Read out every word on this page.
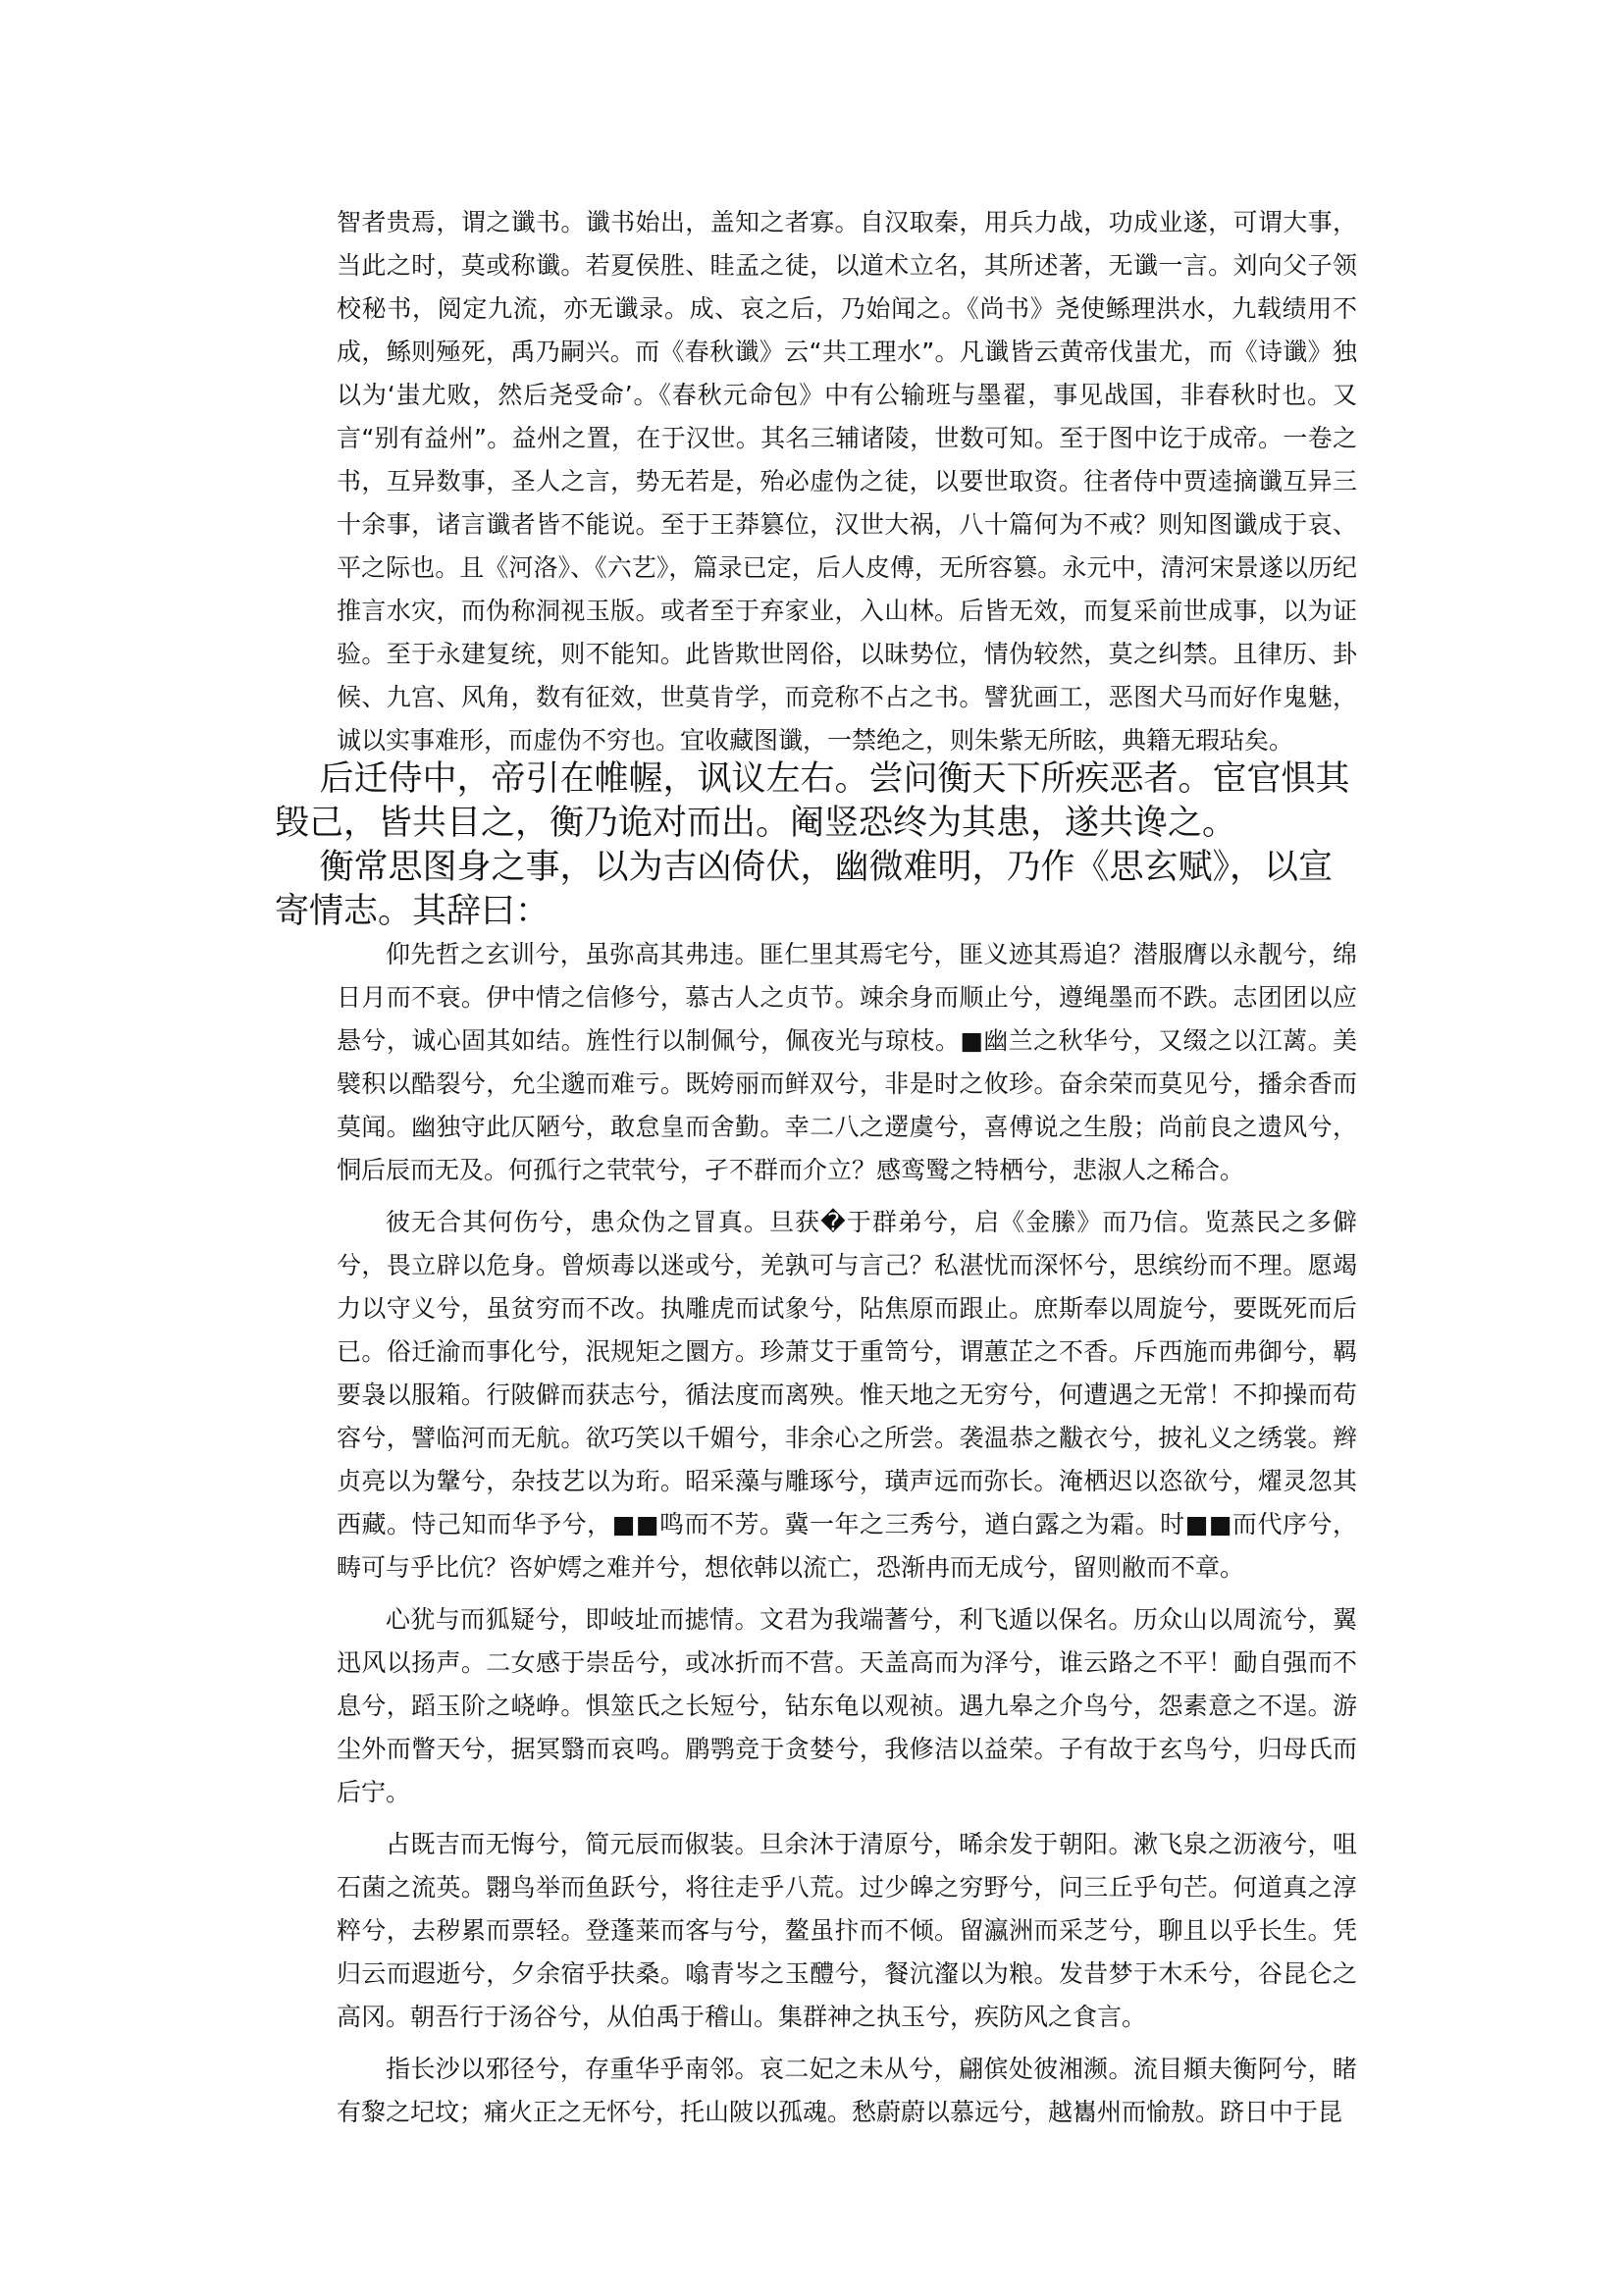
智者贵焉，谓之谶书。谶书始出，盖知之者寡。自汉取秦，用兵力战，功成业遂，可谓大事，当此之时，莫或称谶。若夏侯胜、眭孟之徒，以道术立名，其所述著，无谶一言。刘向父子领校秘书，阅定九流，亦无谶录。成、哀之后，乃始闻之。《尚书》尧使鲧理洪水，九载绩用不成，鲧则殛死，禹乃嗣兴。而《春秋谶》云“共工理水”。凡谶皆云黄帝伐蚩尤，而《诗谶》独以为‘蚩尤败，然后尧受命’。《春秋元命包》中有公输班与墨翟，事见战国，非春秋时也。又言“别有益州”。益州之置，在于汉世。其名三辅诸陵，世数可知。至于图中讫于成帝。一卷之书，互异数事，圣人之言，势无若是，殆必虚伪之徒，以要世取资。往者侍中贾逵摘谶互异三十余事，诸言谶者皆不能说。至于王莽篡位，汉世大祸，八十篇何为不戒？则知图谶成于哀、平之际也。且《河洛》、《六艺》，篇录已定，后人皮傅，无所容篡。永元中，清河宋景遂以历纪推言水灾，而伪称洞视玉版。或者至于弃家业，入山林。后皆无效，而复采前世成事，以为证验。至于永建复统，则不能知。此皆欺世罔俗，以昧势位，情伪较然，莫之纠禁。且律历、卦候、九宫、风角，数有征效，世莫肯学，而竞称不占之书。譬犹画工，恶图犬马而好作鬼魅，诚以实事难形，而虚伪不穷也。宜收藏图谶，一禁绝之，则朱紫无所眩，典籍无瑕玷矣。

后迁侍中，帝引在帷幄，讽议左右。尝问衡天下所疾恶者。宦官惧其毁己，皆共目之，衡乃诡对而出。阉竖恐终为其患，遂共谗之。

衡常思图身之事，以为吉凶倚伏，幽微难明，乃作《思玄赋》，以宣寄情志。其辞曰：

仰先哲之玄训兮，虽弥高其弗违。匪仁里其焉宅兮，匪义迹其焉追？潜服膺以永靓兮，绵日月而不衰。伊中情之信修兮，慕古人之贞节。竦余身而顺止兮，遵绳墨而不跌。志团团以应悬兮，诚心固其如结。旌性行以制佩兮，佩夜光与琼枝。■幽兰之秋华兮，又缀之以江蓠。美襞积以酷裂兮，允尘邈而难亏。既姱丽而鲜双兮，非是时之攸珍。奋余荣而莫见兮，播余香而莫闻。幽独守此仄陋兮，敢怠皇而舍勤。幸二八之遻虞兮，喜傅说之生殷；尚前良之遗风兮，恫后辰而无及。何孤行之茕茕兮，孑不群而介立？感鸾鹥之特栖兮，悲淑人之稀合。

彼无合其何伤兮，患众伪之冒真。旦获�于群弟兮，启《金縢》而乃信。览蒸民之多僻兮，畏立辟以危身。曾烦毒以迷或兮，羌孰可与言己？私湛忧而深怀兮，思缤纷而不理。愿竭力以守义兮，虽贫穷而不改。执雕虎而试象兮，阽焦原而跟止。庶斯奉以周旋兮，要既死而后已。俗迁渝而事化兮，泯规矩之圜方。珍萧艾于重笥兮，谓蕙芷之不香。斥西施而弗御兮，羁要袅以服箱。行陂僻而获志兮，循法度而离殃。惟天地之无穷兮，何遭遇之无常！不抑操而苟容兮，譬临河而无航。欲巧笑以千媚兮，非余心之所尝。袭温恭之黻衣兮，披礼义之绣裳。辫贞亮以为鞶兮，杂技艺以为珩。昭采藻与雕琢兮，璜声远而弥长。淹栖迟以恣欲兮，燿灵忽其西藏。恃己知而华予兮，■■鸣而不芳。冀一年之三秀兮，遒白露之为霜。时■■而代序兮，畴可与乎比伉？咨妒嫮之难并兮，想依韩以流亡，恐渐冉而无成兮，留则敝而不章。

心犹与而狐疑兮，即岐址而摅情。文君为我端蓍兮，利飞遁以保名。历众山以周流兮，翼迅风以扬声。二女感于崇岳兮，或冰折而不营。天盖高而为泽兮，谁云路之不平！勔自强而不息兮，蹈玉阶之峣峥。惧筮氏之长短兮，钻东龟以观祯。遇九皋之介鸟兮，怨素意之不逞。游尘外而瞥天兮，据冥翳而哀鸣。鹛鹗竞于贪婪兮，我修洁以益荣。子有故于玄鸟兮，归母氏而后宁。

占既吉而无悔兮，简元辰而俶装。旦余沐于清原兮，晞余发于朝阳。漱飞泉之沥液兮，咀石菌之流英。翾鸟举而鱼跃兮，将往走乎八荒。过少皞之穷野兮，问三丘乎句芒。何道真之淳粹兮，去秽累而票轻。登蓬莱而客与兮，鳌虽抃而不倾。留瀛洲而采芝兮，聊且以乎长生。凭归云而遐逝兮，夕余宿乎扶桑。噏青岑之玉醴兮，餐沆瀣以为粮。发昔梦于木禾兮，谷昆仑之高冈。朝吾行于汤谷兮，从伯禹于稽山。集群神之执玉兮，疾防风之食言。

指长沙以邪径兮，存重华乎南邻。哀二妃之未从兮，翩傧处彼湘濒。流目頫夫衡阿兮，睹有黎之圮坟；痛火正之无怀兮，托山陂以孤魂。愁蔚蔚以慕远兮，越巂州而愉敖。跻日中于昆
